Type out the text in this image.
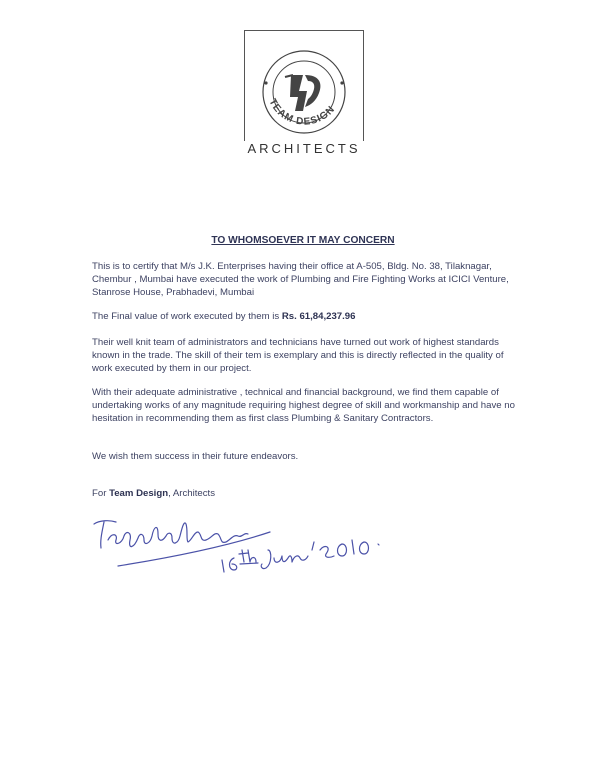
TEAM DESIGN
ARCHITECTS
TO WHOMSOEVER IT MAY CONCERN
This is to certify that M/s J.K. Enterprises having their office at A-505, Bldg. No. 38, Tilaknagar, Chembur , Mumbai have executed the work of Plumbing and Fire Fighting Works at ICICI Venture, Stanrose House, Prabhadevi, Mumbai
The Final value of work executed by them is Rs. 61,84,237.96
Their well knit team of administrators and technicians have turned out work of highest standards known in the trade. The skill of their tem is exemplary and this is directly reflected in the quality of work executed by them in our project.
With their adequate administrative , technical and financial background, we find them capable of undertaking works of any magnitude requiring highest degree of skill and workmanship and have no hesitation in recommending them as first class Plumbing & Sanitary Contractors.
We wish them success in their future endeavors.
For Team Design, Architects
